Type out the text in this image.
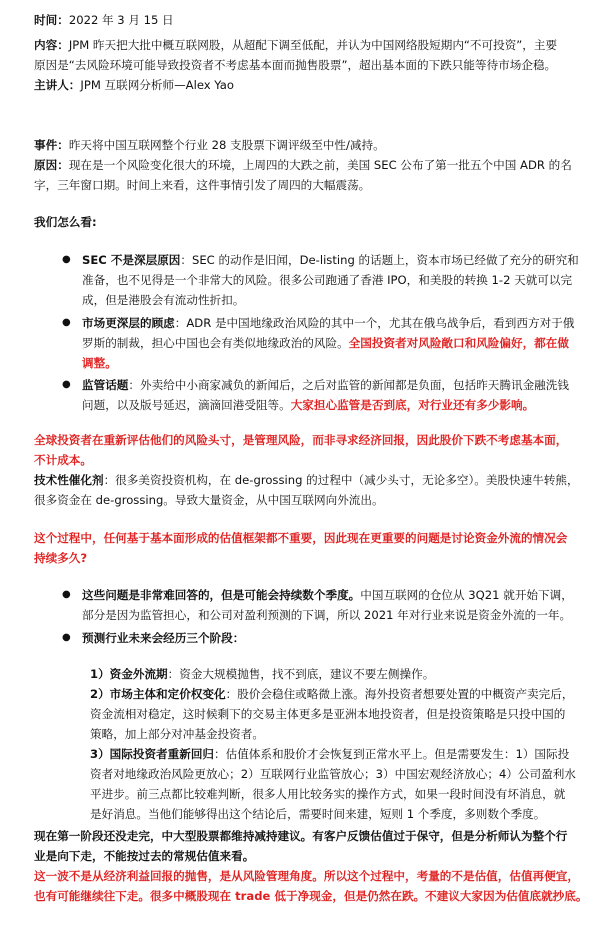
时间：2022 年 3 月 15 日
内容：JPM 昨天把大批中概互联网股，从超配下调至低配，并认为中国网络股短期内“不可投资”，主要
原因是“去风险环境可能导致投资者不考虑基本面而抛售股票”，超出基本面的下跌只能等待市场企稳。
主讲人：JPM 互联网分析师—Alex Yao
事件：昨天将中国互联网整个行业 28 支股票下调评级至中性/减持。
原因：现在是一个风险变化很大的环境，上周四的大跌之前，美国 SEC 公布了第一批五个中国 ADR 的名
字，三年窗口期。时间上来看，这件事情引发了周四的大幅震荡。
我们怎么看:
● SEC 不是深层原因：SEC 的动作是旧闻，De-listing 的话题上，资本市场已经做了充分的研究和
准备，也不见得是一个非常大的风险。很多公司跑通了香港 IPO，和美股的转换 1-2 天就可以完
成，但是港股会有流动性折扣。
● 市场更深层的顾虑：ADR 是中国地缘政治风险的其中一个，尤其在俄乌战争后，看到西方对于俄
罗斯的制裁，担心中国也会有类似地缘政治的风险。全国投资者对风险敞口和风险偏好，都在做
调整。
● 监管话题：外卖给中小商家减负的新闻后，之后对监管的新闻都是负面，包括昨天腾讯金融洗钱
问题，以及版号延迟，滴滴回港受阻等。大家担心监管是否到底，对行业还有多少影响。
全球投资者在重新评估他们的风险头寸，是管理风险，而非寻求经济回报，因此股价下跌不考虑基本面，
不计成本。
技术性催化剂：很多美资投资机构，在 de-grossing 的过程中（减少头寸，无论多空）。美股快速牛转熊，
很多资金在 de-grossing。导致大量资金，从中国互联网向外流出。
这个过程中，任何基于基本面形成的估值框架都不重要，因此现在更重要的问题是讨论资金外流的情况会
持续多久?
● 这些问题是非常难回答的，但是可能会持续数个季度。中国互联网的仓位从 3Q21 就开始下调，
部分是因为监管担心，和公司对盈利预测的下调，所以 2021 年对行业来说是资金外流的一年。
● 预测行业未来会经历三个阶段：
1）资金外流期：资金大规模抛售，找不到底，建议不要左侧操作。
2）市场主体和定价权变化：股价会稳住或略微上涨。海外投资者想要处置的中概资产卖完后，
资金流相对稳定，这时候剩下的交易主体更多是亚洲本地投资者，但是投资策略是只投中国的
策略，加上部分对冲基金投资者。
3）国际投资者重新回归：估值体系和股价才会恢复到正常水平上。但是需要发生：1）国际投
资者对地缘政治风险更放心；2）互联网行业监管放心；3）中国宏观经济放心；4）公司盈利水
平进步。前三点都比较难判断，很多人用比较务实的操作方式，如果一段时间没有坏消息，就
是好消息。当他们能够得出这个结论后，需要时间来建，短则 1 个季度，多则数个季度。
现在第一阶段还没走完，中大型股票都维持减持建议。有客户反馈估值过于保守，但是分析师认为整个行
业是向下走，不能按过去的常规估值来看。
这一波不是从经济利益回报的抛售，是从风险管理角度。所以这个过程中，考量的不是估值，估值再便宜，
也有可能继续往下走。很多中概股现在 trade 低于净现金，但是仍然在跌。不建议大家因为估值底就抄底。
